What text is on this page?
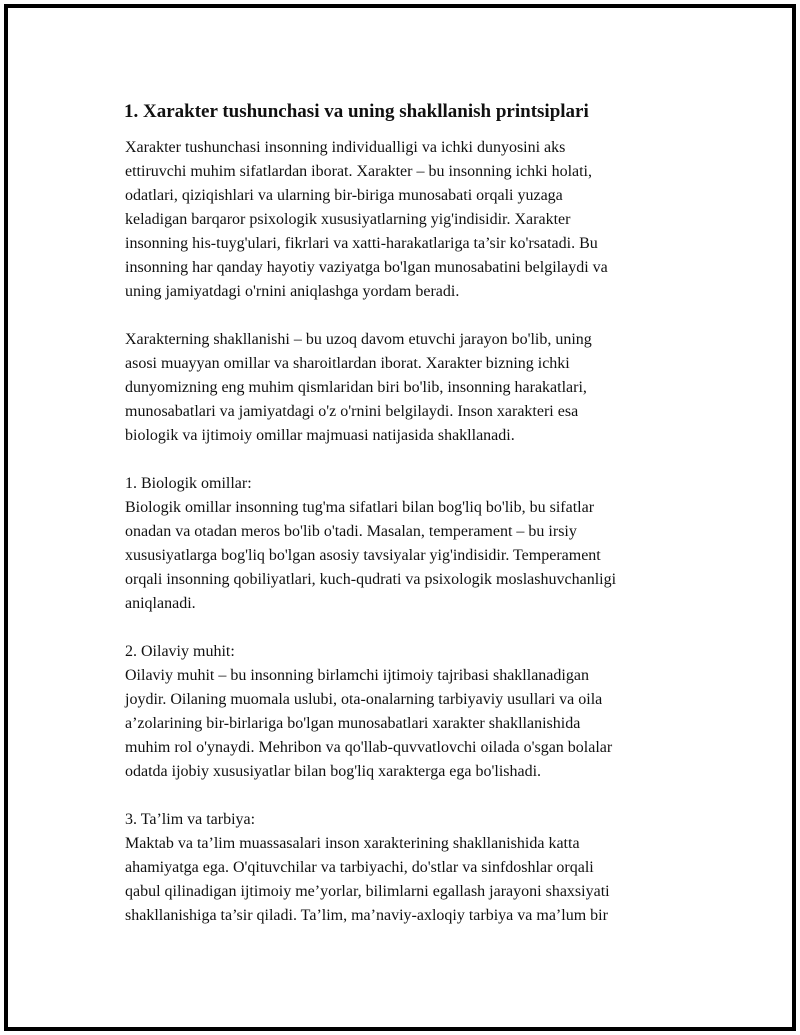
1. Xarakter tushunchasi va uning shakllanish printsiplari

Xarakter tushunchasi insonning individualligi va ichki dunyosini aks
ettiruvchi muhim sifatlardan iborat. Xarakter – bu insonning ichki holati,
odatlari, qiziqishlari va ularning bir-biriga munosabati orqali yuzaga
keladigan barqaror psixologik xususiyatlarning yig'indisidir. Xarakter
insonning his-tuyg'ulari, fikrlari va xatti-harakatlariga ta’sir ko'rsatadi. Bu
insonning har qanday hayotiy vaziyatga bo'lgan munosabatini belgilaydi va
uning jamiyatdagi o'rnini aniqlashga yordam beradi.

Xarakterning shakllanishi – bu uzoq davom etuvchi jarayon bo'lib, uning
asosi muayyan omillar va sharoitlardan iborat. Xarakter bizning ichki
dunyomizning eng muhim qismlaridan biri bo'lib, insonning harakatlari,
munosabatlari va jamiyatdagi o'z o'rnini belgilaydi. Inson xarakteri esa
biologik va ijtimoiy omillar majmuasi natijasida shakllanadi.

1. Biologik omillar:
Biologik omillar insonning tug'ma sifatlari bilan bog'liq bo'lib, bu sifatlar
onadan va otadan meros bo'lib o'tadi. Masalan, temperament – bu irsiy
xususiyatlarga bog'liq bo'lgan asosiy tavsiyalar yig'indisidir. Temperament
orqali insonning qobiliyatlari, kuch-qudrati va psixologik moslashuvchanligi
aniqlanadi.

2. Oilaviy muhit:
Oilaviy muhit – bu insonning birlamchi ijtimoiy tajribasi shakllanadigan
joydir. Oilaning muomala uslubi, ota-onalarning tarbiyaviy usullari va oila
a’zolarining bir-birlariga bo'lgan munosabatlari xarakter shakllanishida
muhim rol o'ynaydi. Mehribon va qo'llab-quvvatlovchi oilada o'sgan bolalar
odatda ijobiy xususiyatlar bilan bog'liq xarakterga ega bo'lishadi.

3. Ta’lim va tarbiya:
Maktab va ta’lim muassasalari inson xarakterining shakllanishida katta
ahamiyatga ega. O'qituvchilar va tarbiyachi, do'stlar va sinfdoshlar orqali
qabul qilinadigan ijtimoiy me’yorlar, bilimlarni egallash jarayoni shaxsiyati
shakllanishiga ta’sir qiladi. Ta’lim, ma’naviy-axloqiy tarbiya va ma’lum bir
